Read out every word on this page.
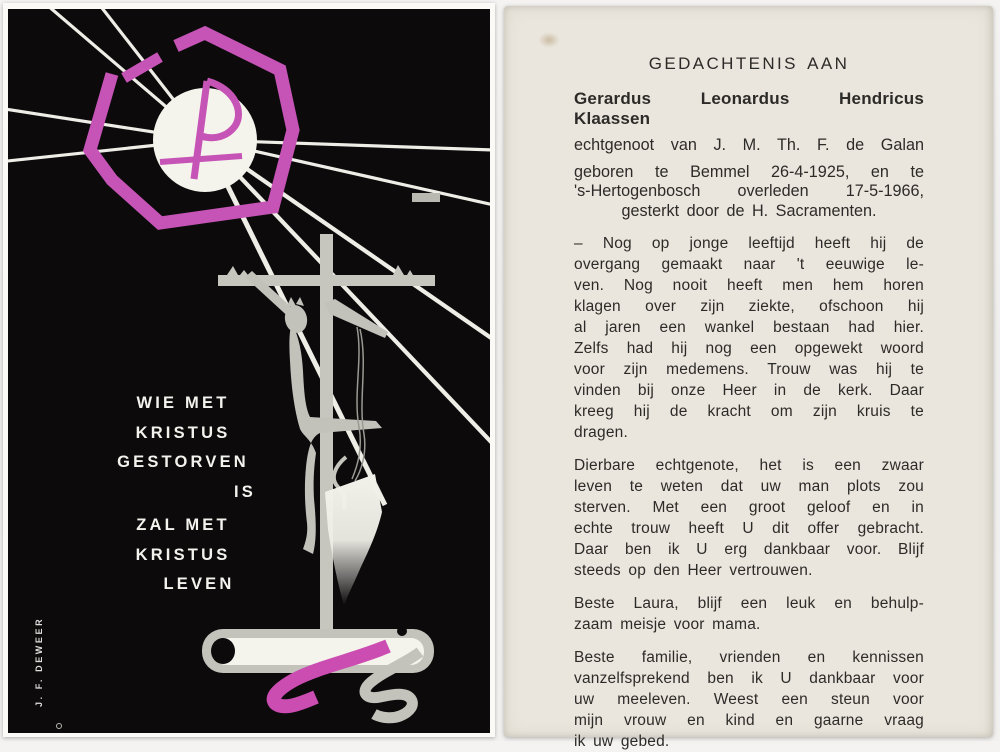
WIE MET
KRISTUS
GESTORVEN
IS
ZAL MET
KRISTUS
LEVEN
J. F. DEWEER
GEDACHTENIS AAN
Gerardus Leonardus Hendricus Klaassen
echtgenoot van J. M. Th. F. de Galan
geboren te Bemmel 26-4-1925, en te
's-Hertogenbosch overleden 17-5-1966,
gesterkt door de H. Sacramenten.
– Nog op jonge leeftijd heeft hij de
overgang gemaakt naar 't eeuwige le-
ven. Nog nooit heeft men hem horen
klagen over zijn ziekte, ofschoon hij
al jaren een wankel bestaan had hier.
Zelfs had hij nog een opgewekt woord
voor zijn medemens. Trouw was hij te
vinden bij onze Heer in de kerk. Daar
kreeg hij de kracht om zijn kruis te
dragen.
Dierbare echtgenote, het is een zwaar
leven te weten dat uw man plots zou
sterven. Met een groot geloof en in
echte trouw heeft U dit offer gebracht.
Daar ben ik U erg dankbaar voor. Blijf
steeds op den Heer vertrouwen.
Beste Laura, blijf een leuk en behulp-
zaam meisje voor mama.
Beste familie, vrienden en kennissen
vanzelfsprekend ben ik U dankbaar voor
uw meeleven. Weest een steun voor
mijn vrouw en kind en gaarne vraag
ik uw gebed.
